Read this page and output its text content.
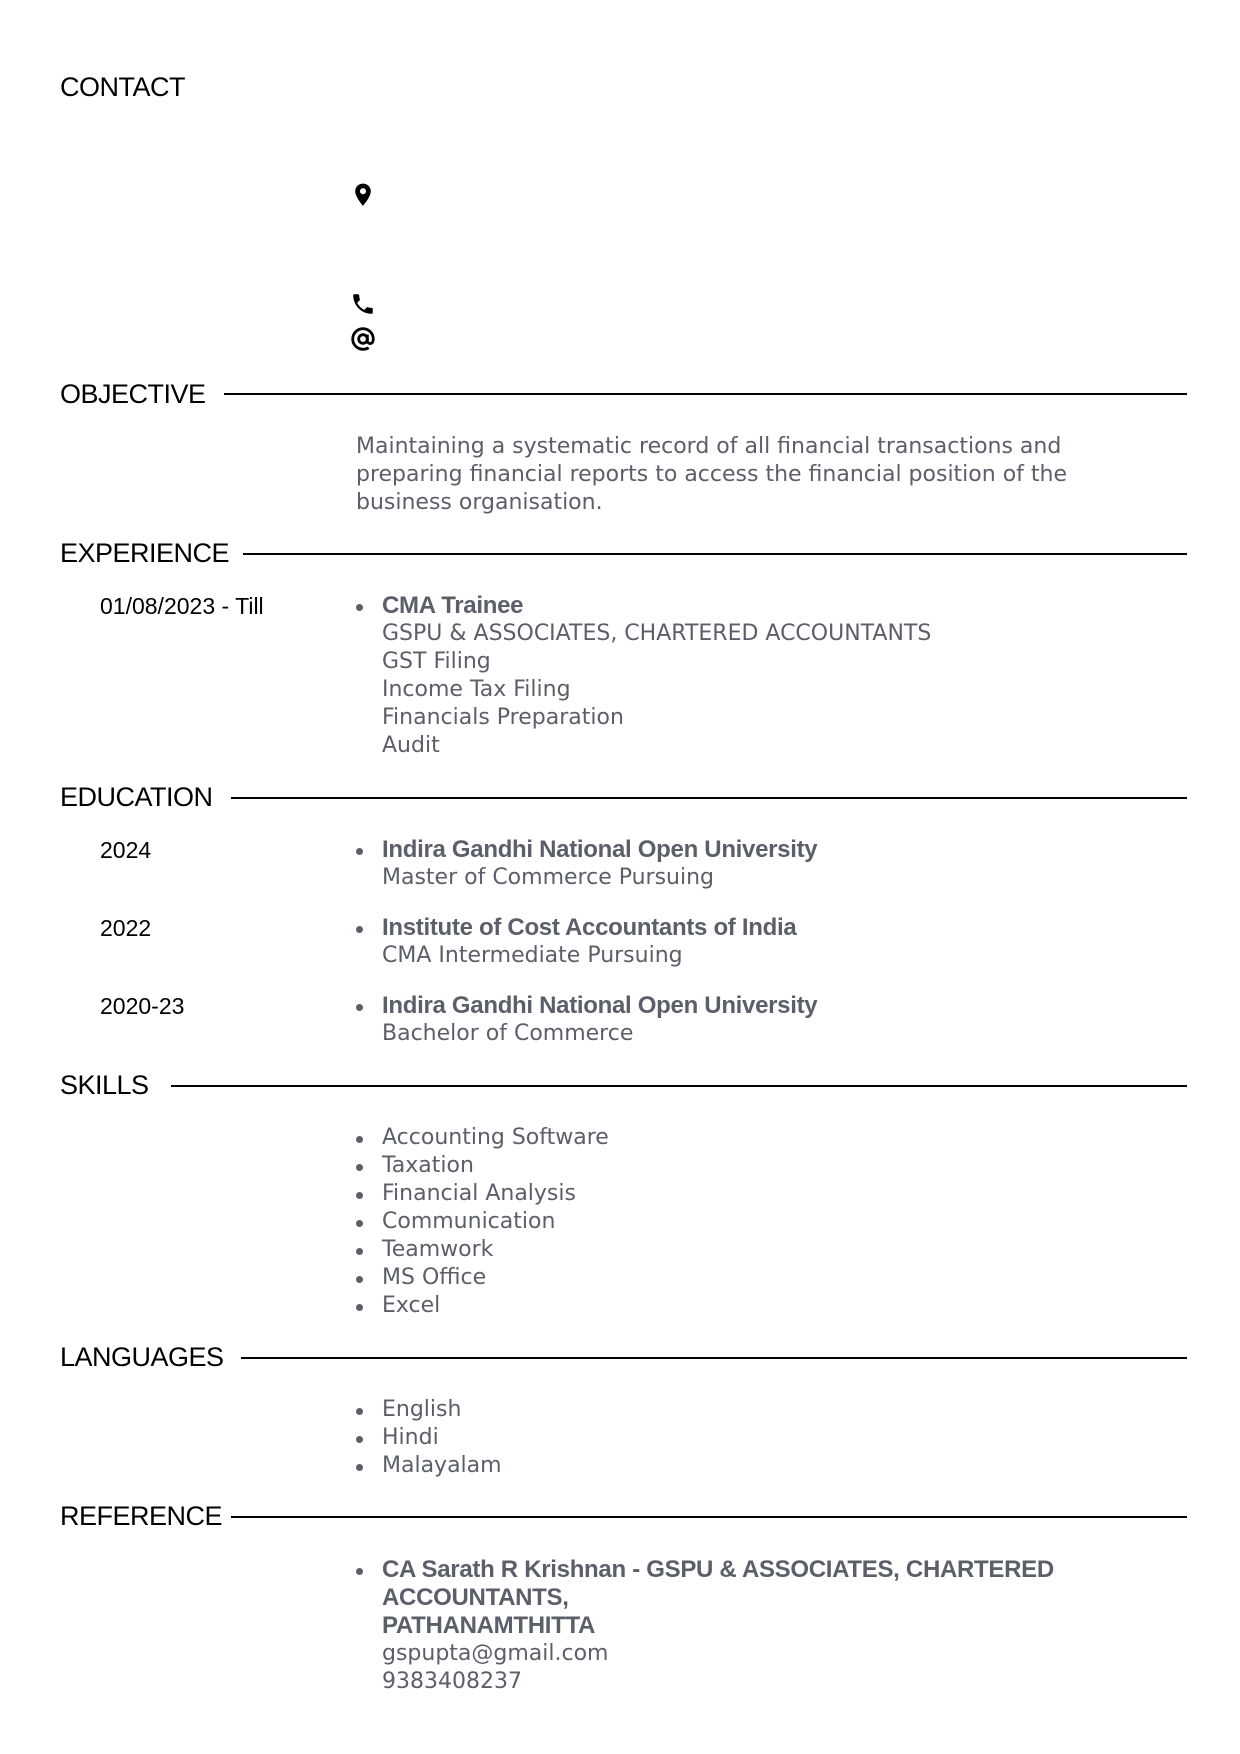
CONTACT
OBJECTIVE
Maintaining a systematic record of all financial transactions and preparing financial reports to access the financial position of the business organisation.
EXPERIENCE
01/08/2023 - Till	CMA Trainee
GSPU & ASSOCIATES, CHARTERED ACCOUNTANTS
GST Filing
Income Tax Filing
Financials Preparation
Audit
EDUCATION
2024	Indira Gandhi National Open University
Master of Commerce Pursuing
2022	Institute of Cost Accountants of India
CMA Intermediate Pursuing
2020-23	Indira Gandhi National Open University
Bachelor of Commerce
SKILLS
Accounting Software
Taxation
Financial Analysis
Communication
Teamwork
MS Office
Excel
LANGUAGES
English
Hindi
Malayalam
REFERENCE
CA Sarath R Krishnan - GSPU & ASSOCIATES, CHARTERED ACCOUNTANTS,
PATHANAMTHITTA
gspupta@gmail.com
9383408237
